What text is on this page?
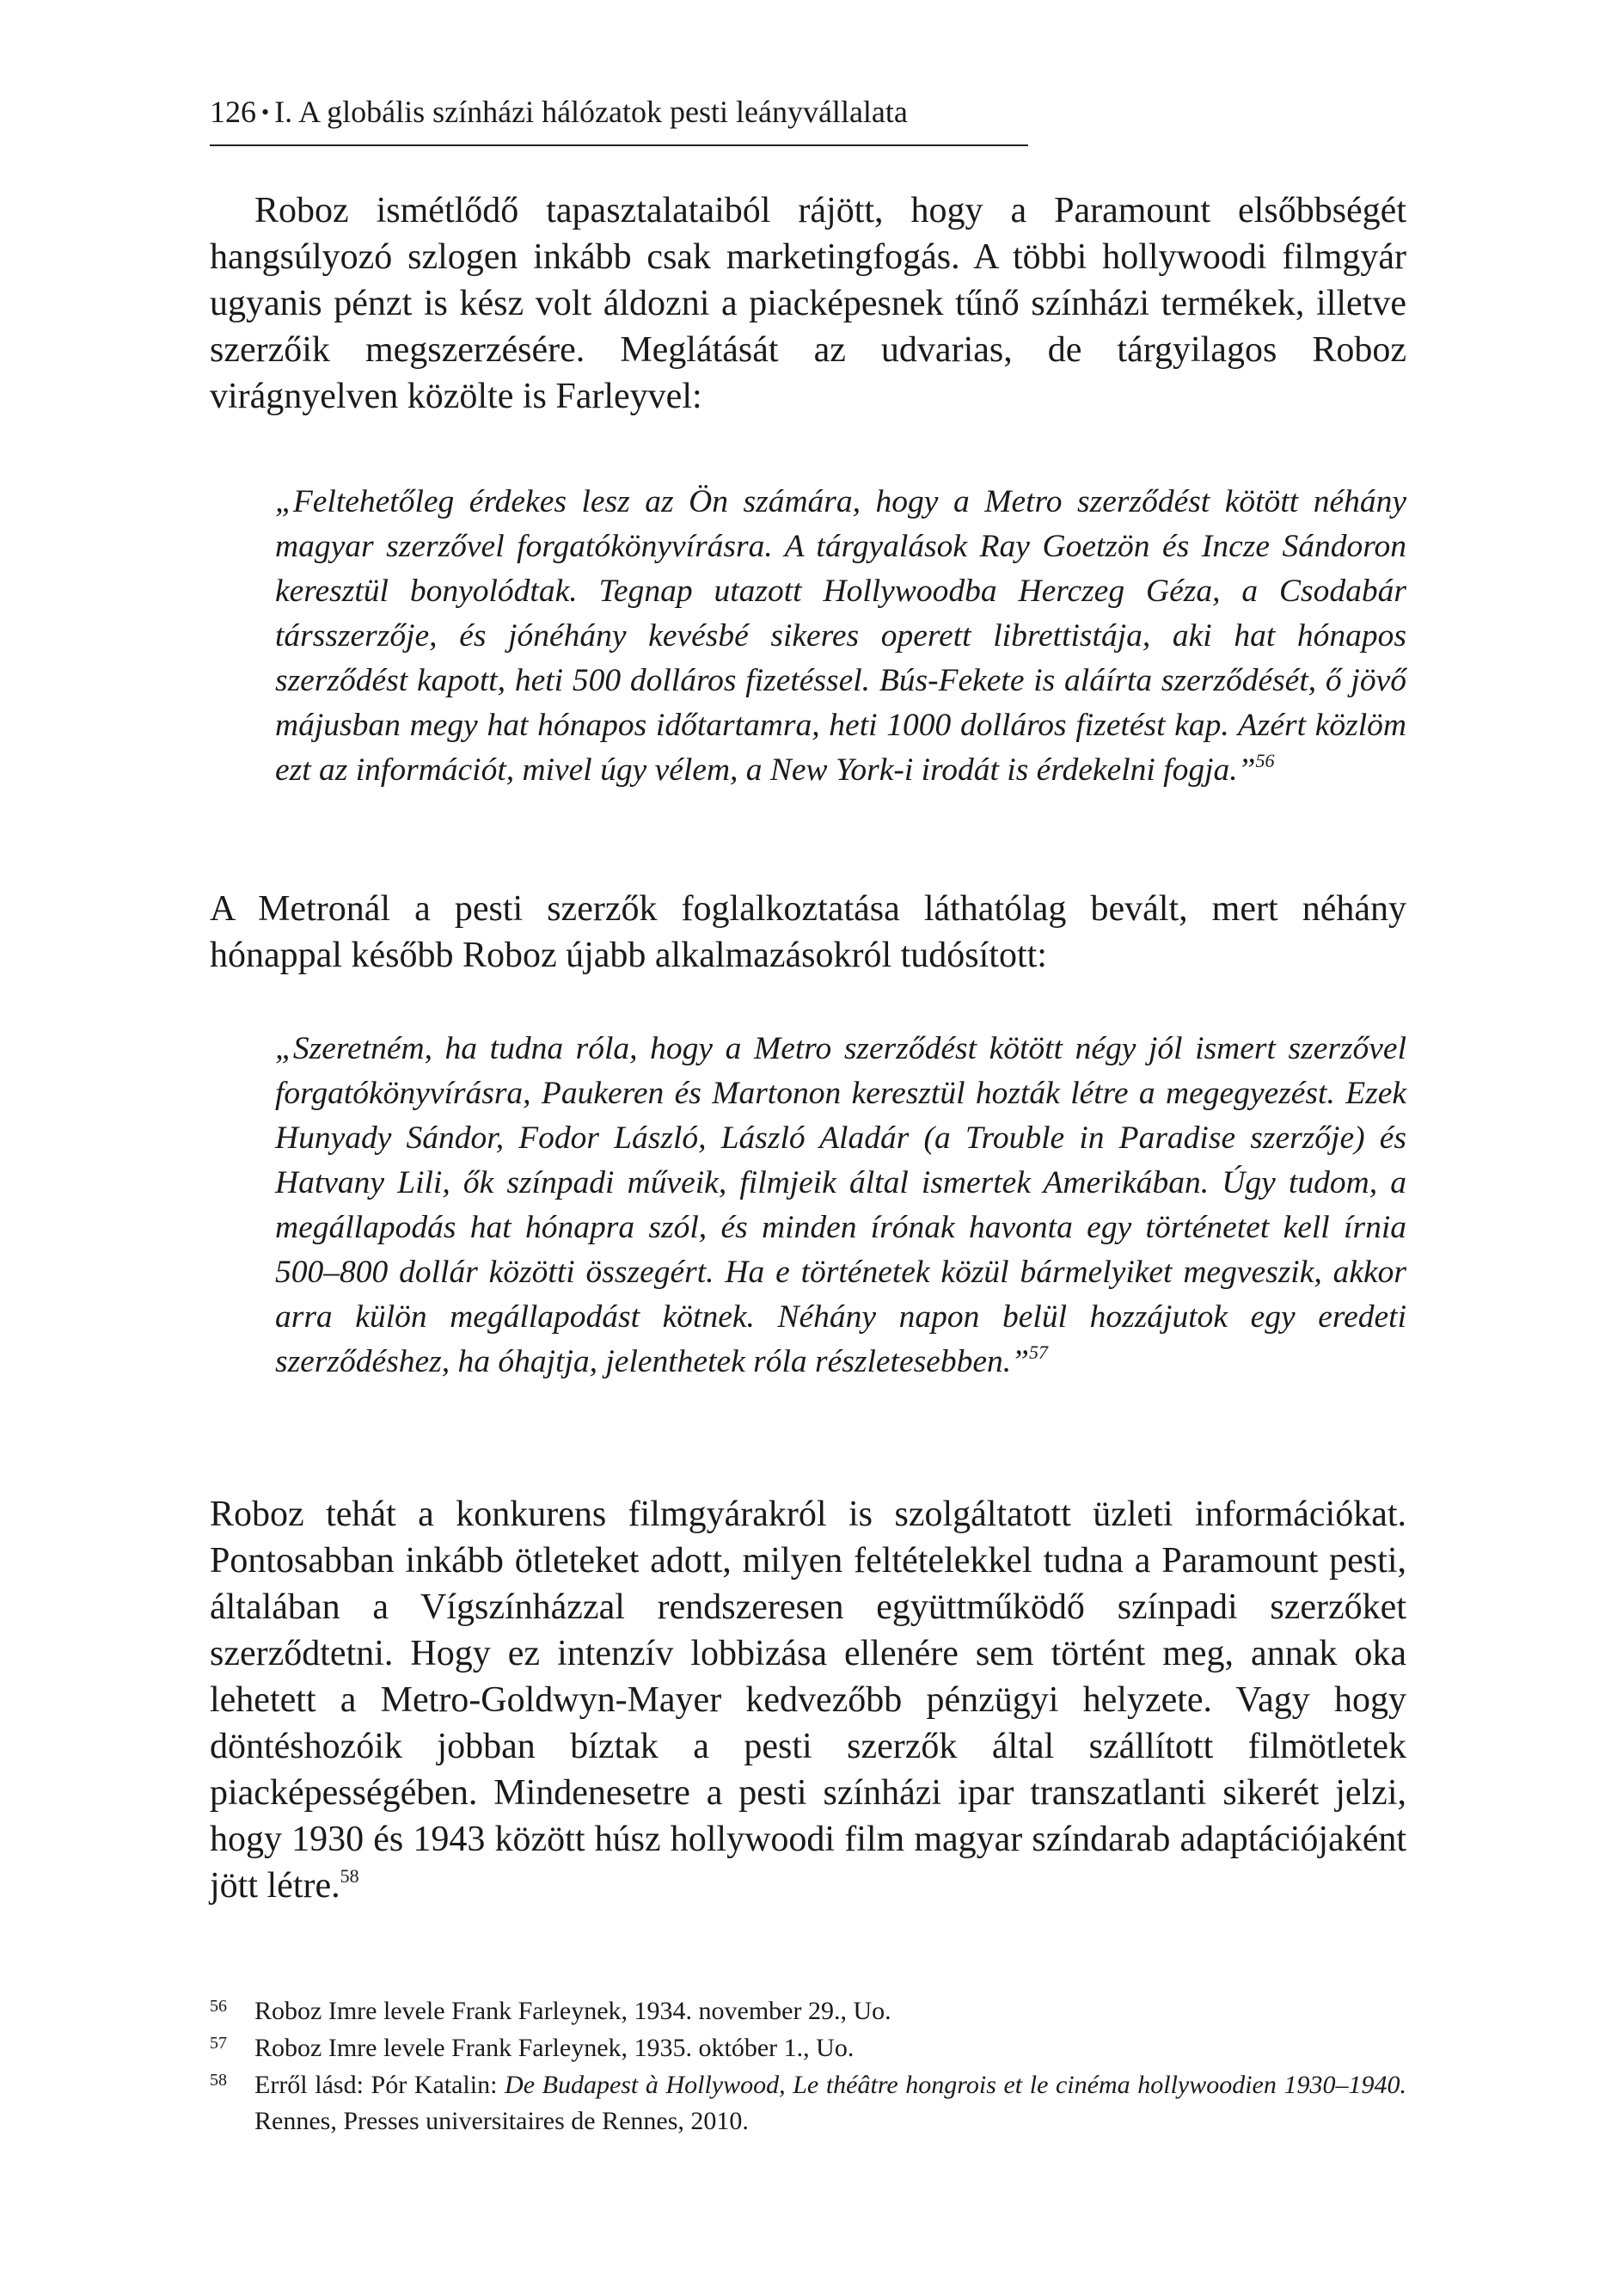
126 • I. A globális színházi hálózatok pesti leányvállalata

Roboz ismétlődő tapasztalataiból rájött, hogy a Paramount elsőbbségét hangsúlyozó szlogen inkább csak marketingfogás. A többi hollywoodi filmgyár ugyanis pénzt is kész volt áldozni a piacképesnek tűnő színházi termékek, illetve szerzőik megszerzésére. Meglátását az udvarias, de tárgyilagos Roboz virágnyelven közölte is Farleyvel:

„Feltehetőleg érdekes lesz az Ön számára, hogy a Metro szerződést kötött néhány magyar szerzővel forgatókönyvírásra. A tárgyalások Ray Goetzön és Incze Sándoron keresztül bonyolódtak. Tegnap utazott Hollywoodba Herczeg Géza, a Csodabár társszerzője, és jónéhány kevésbé sikeres operett librettistája, aki hat hónapos szerződést kapott, heti 500 dolláros fizetéssel. Bús-Fekete is aláírta szerződését, ő jövő májusban megy hat hónapos időtartamra, heti 1000 dolláros fizetést kap. Azért közlöm ezt az információt, mivel úgy vélem, a New York-i irodát is érdekelni fogja.”$^{56}$

A Metronál a pesti szerzők foglalkoztatása láthatólag bevált, mert néhány hónappal később Roboz újabb alkalmazásokról tudósított:

„Szeretném, ha tudna róla, hogy a Metro szerződést kötött négy jól ismert szerzővel forgatókönyvírásra, Paukeren és Martonon keresztül hozták létre a megegyezést. Ezek Hunyady Sándor, Fodor László, László Aladár (a Trouble in Paradise szerzője) és Hatvany Lili, ők színpadi műveik, filmjeik által ismertek Amerikában. Úgy tudom, a megállapodás hat hónapra szól, és minden írónak havonta egy történetet kell írnia 500–800 dollár közötti összegért. Ha e történetek közül bármelyiket megveszik, akkor arra külön megállapodást kötnek. Néhány napon belül hozzájutok egy eredeti szerződéshez, ha óhajtja, jelenthetek róla részletesebben.”$^{57}$

Roboz tehát a konkurens filmgyárakról is szolgáltatott üzleti információkat. Pontosabban inkább ötleteket adott, milyen feltételekkel tudna a Paramount pesti, általában a Vígszínházzal rendszeresen együttműködő színpadi szerzőket szerződtetni. Hogy ez intenzív lobbizása ellenére sem történt meg, annak oka lehetett a Metro-Goldwyn-Mayer kedvezőbb pénzügyi helyzete. Vagy hogy döntéshozóik jobban bíztak a pesti szerzők által szállított filmötletek piacképességében. Mindenesetre a pesti színházi ipar transzatlanti sikerét jelzi, hogy 1930 és 1943 között húsz hollywoodi film magyar színdarab adaptációjaként jött létre.$^{58}$

56	Roboz Imre levele Frank Farleynek, 1934. november 29., Uo.
57	Roboz Imre levele Frank Farleynek, 1935. október 1., Uo.
58	Erről lásd: Pór Katalin: De Budapest à Hollywood, Le théâtre hongrois et le cinéma hollywoodien 1930–1940. Rennes, Presses universitaires de Rennes, 2010.
